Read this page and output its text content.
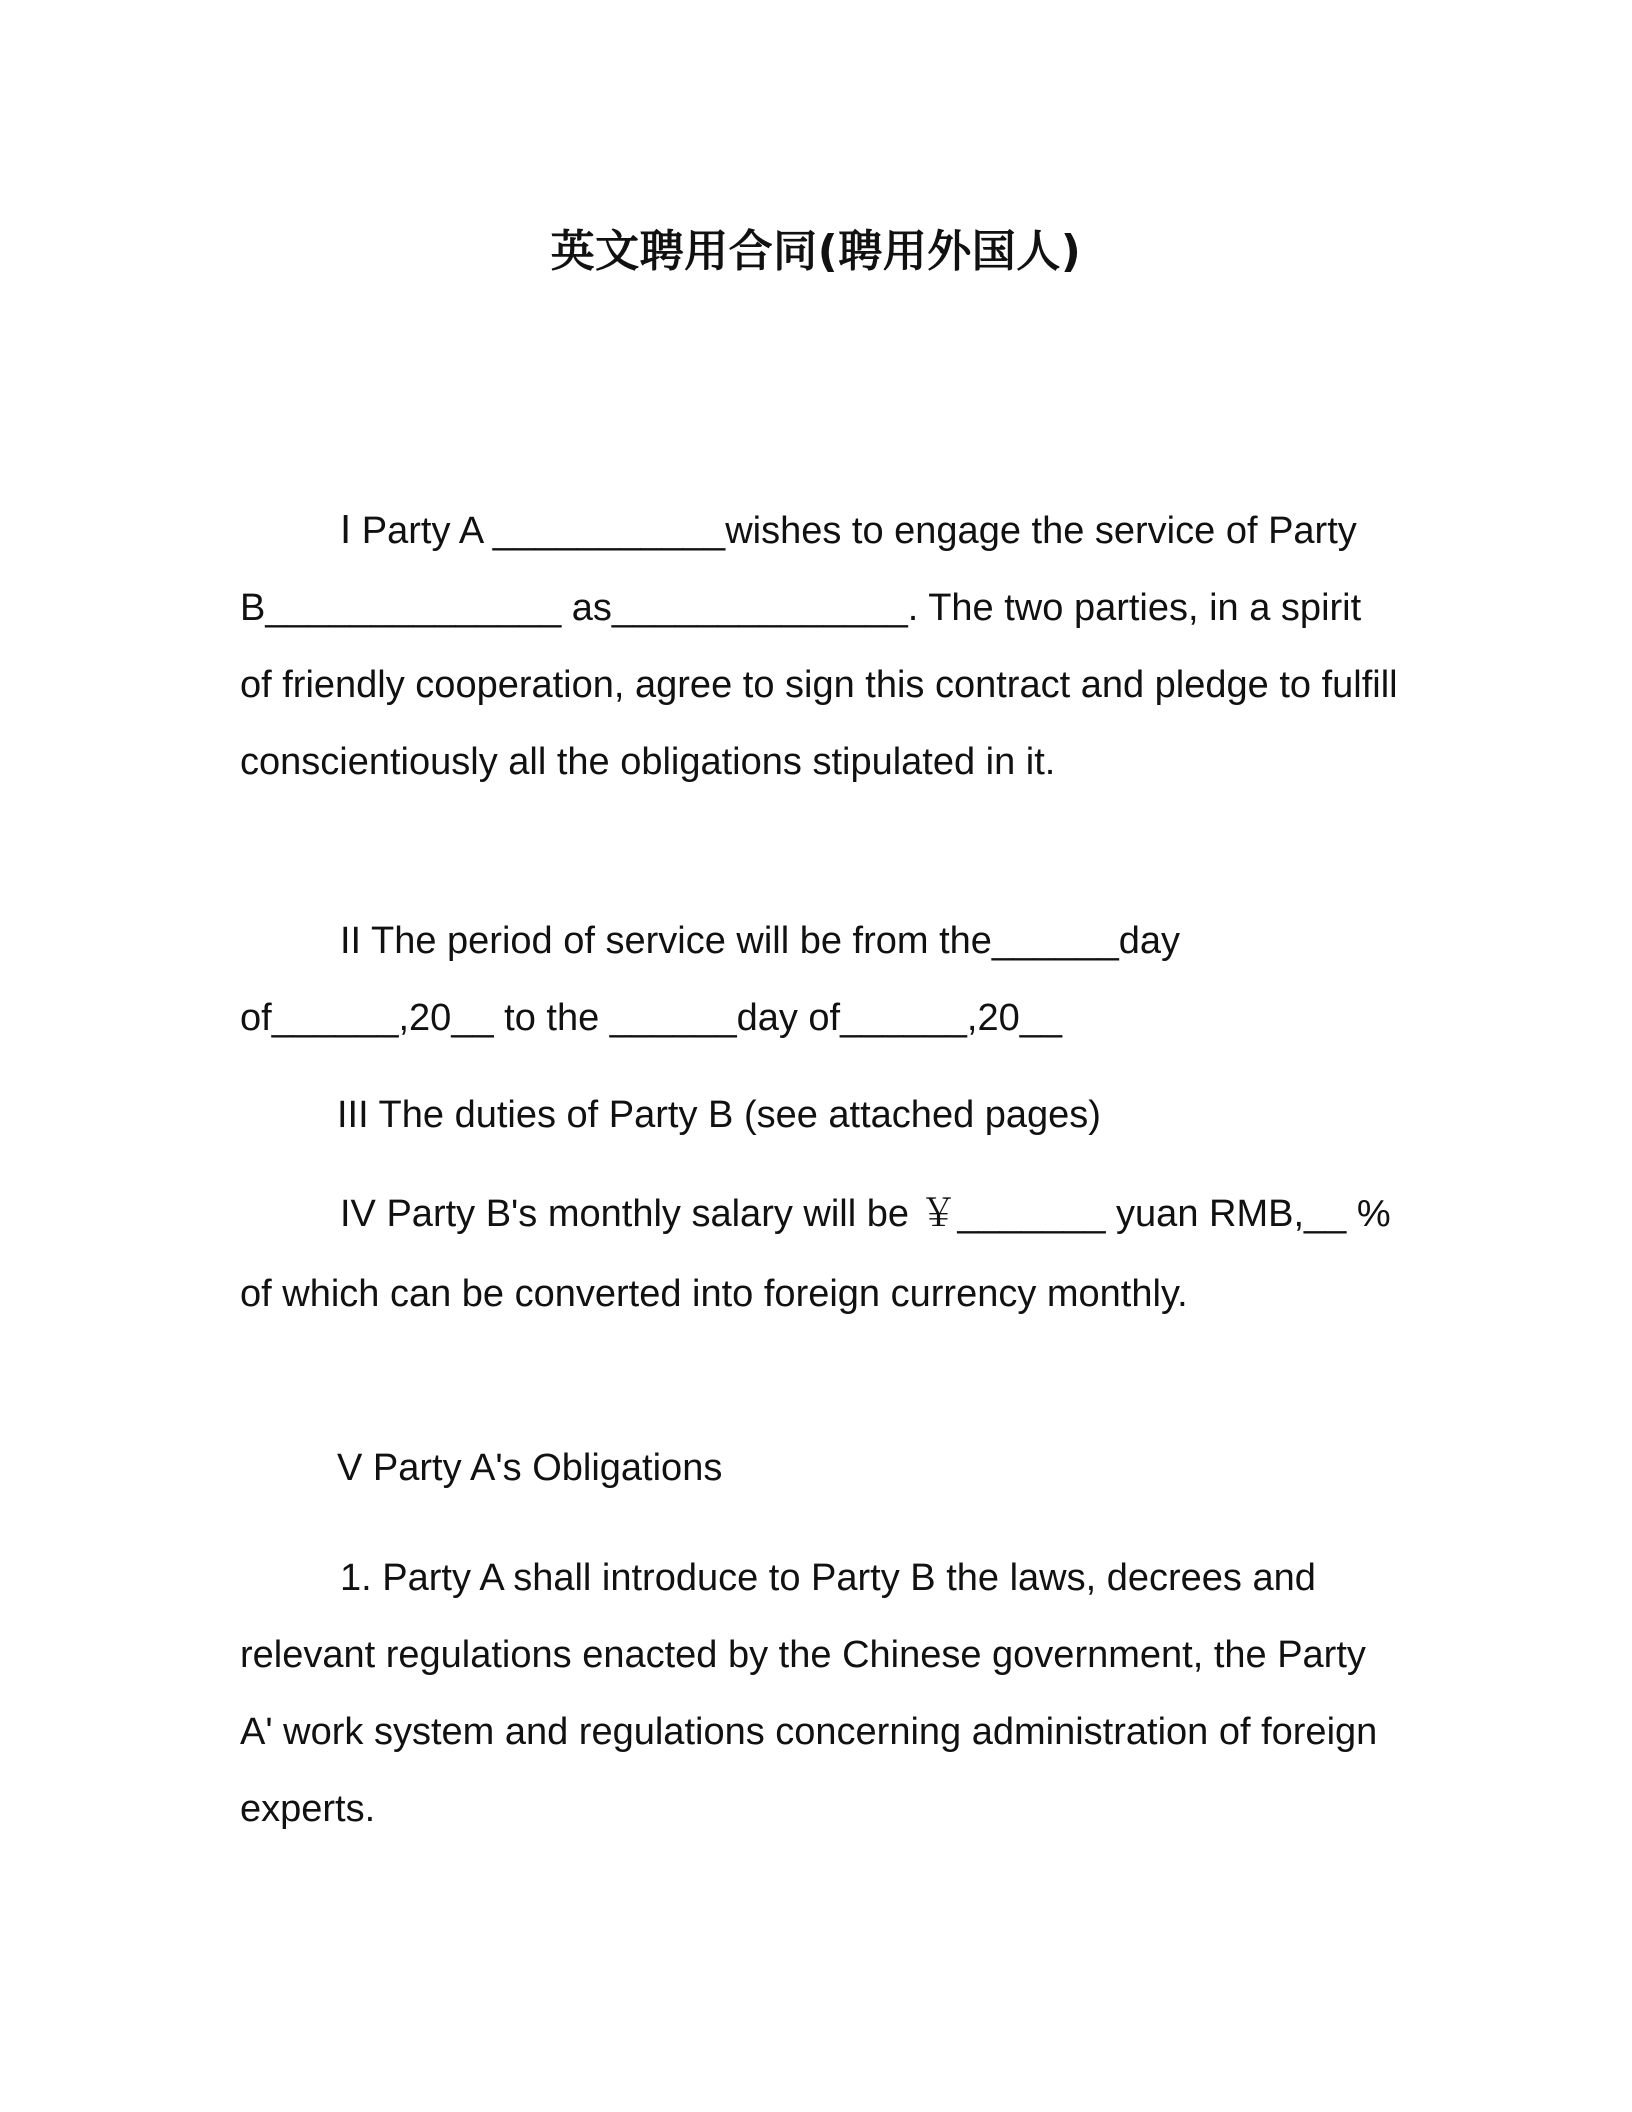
英文聘用合同(聘用外国人)

Ⅰ Party A ___________wishes to engage the service of Party B______________ as______________. The two parties, in a spirit of friendly cooperation, agree to sign this contract and pledge to fulfill conscientiously all the obligations stipulated in it.

II The period of service will be from the______day of______,20__ to the ______day of______,20__

III The duties of Party B (see attached pages)

IV Party B's monthly salary will be ￥_______ yuan RMB,__ % of which can be converted into foreign currency monthly.

V Party A's Obligations

1. Party A shall introduce to Party B the laws, decrees and relevant regulations enacted by the Chinese government, the Party A' work system and regulations concerning administration of foreign experts.
